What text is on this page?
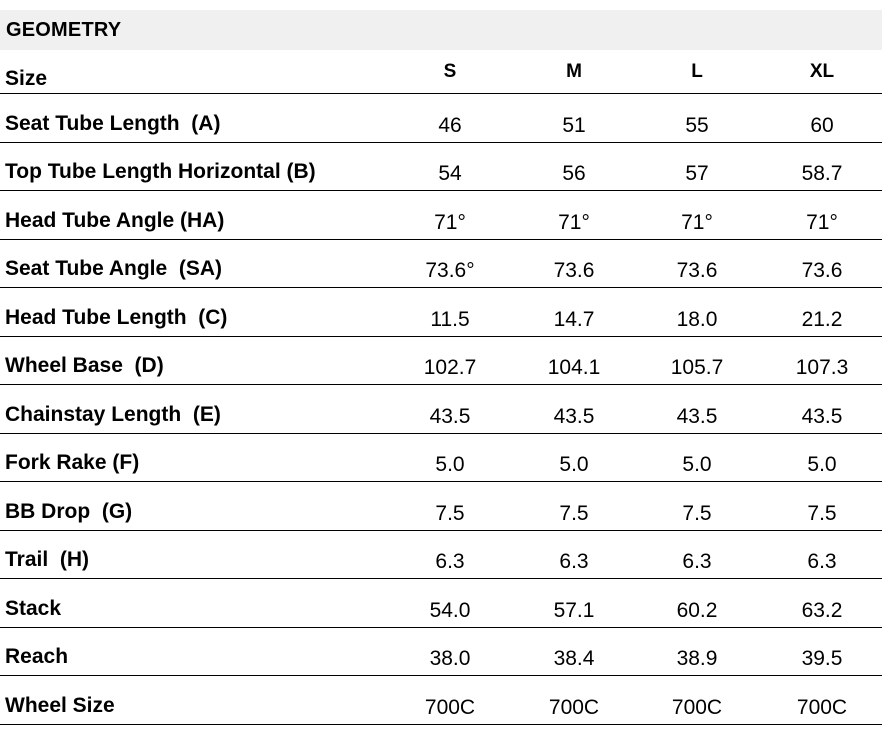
GEOMETRY
Size	S	M	L	XL
Seat Tube Length  (A)	46	51	55	60
Top Tube Length Horizontal (B)	54	56	57	58.7
Head Tube Angle (HA)	71°	71°	71°	71°
Seat Tube Angle  (SA)	73.6°	73.6	73.6	73.6
Head Tube Length  (C)	11.5	14.7	18.0	21.2
Wheel Base  (D)	102.7	104.1	105.7	107.3
Chainstay Length  (E)	43.5	43.5	43.5	43.5
Fork Rake (F)	5.0	5.0	5.0	5.0
BB Drop  (G)	7.5	7.5	7.5	7.5
Trail  (H)	6.3	6.3	6.3	6.3
Stack	54.0	57.1	60.2	63.2
Reach	38.0	38.4	38.9	39.5
Wheel Size	700C	700C	700C	700C
